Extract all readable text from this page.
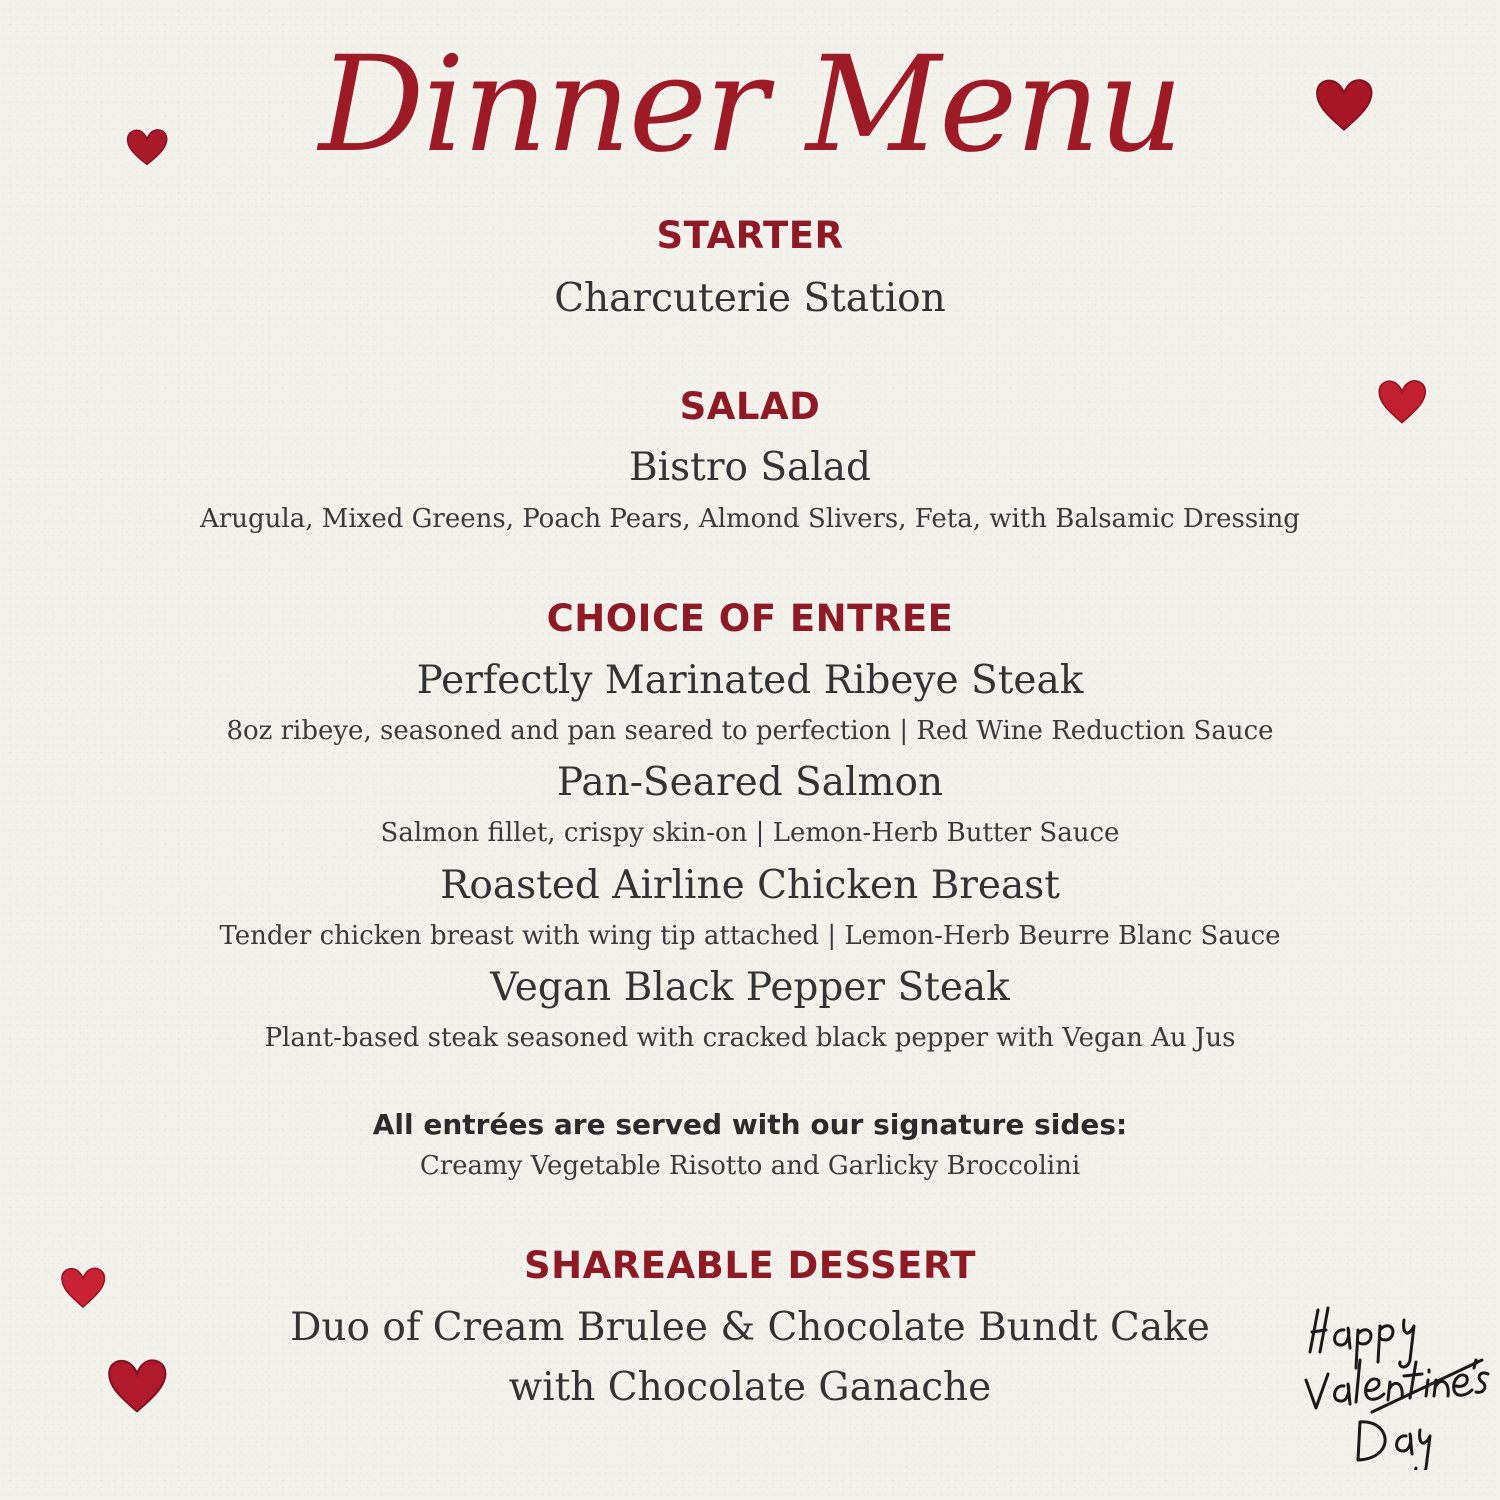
Dinner Menu
STARTER
Charcuterie Station
SALAD
Bistro Salad
Arugula, Mixed Greens, Poach Pears, Almond Slivers, Feta, with Balsamic Dressing
CHOICE OF ENTREE
Perfectly Marinated Ribeye Steak
8oz ribeye, seasoned and pan seared to perfection | Red Wine Reduction Sauce
Pan-Seared Salmon
Salmon fillet, crispy skin-on | Lemon-Herb Butter Sauce
Roasted Airline Chicken Breast
Tender chicken breast with wing tip attached | Lemon-Herb Beurre Blanc Sauce
Vegan Black Pepper Steak
Plant-based steak seasoned with cracked black pepper with Vegan Au Jus
All entrées are served with our signature sides:
Creamy Vegetable Risotto and Garlicky Broccolini
SHAREABLE DESSERT
Duo of Cream Brulee & Chocolate Bundt Cake
with Chocolate Ganache
